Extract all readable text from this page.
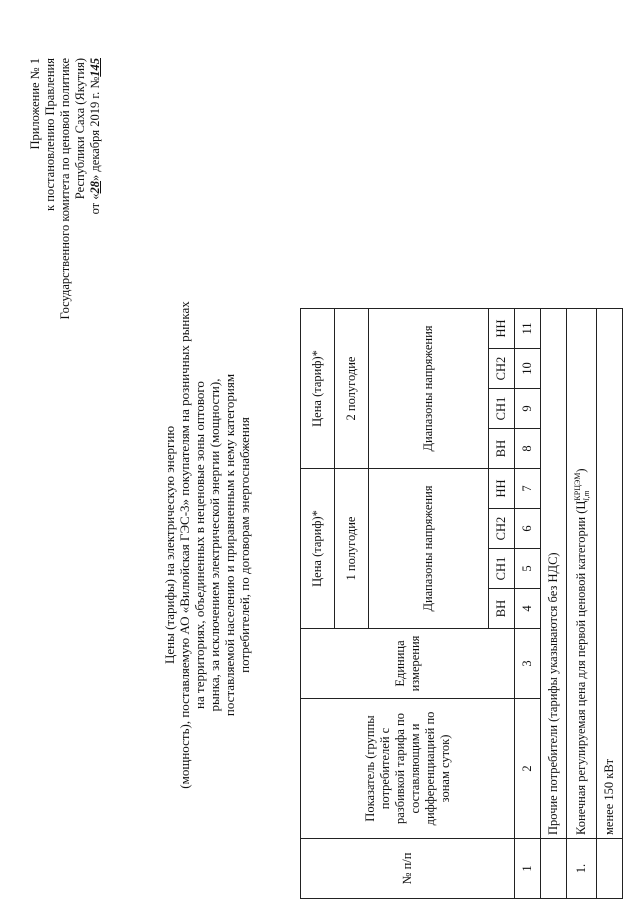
Приложение № 1 к постановлению Правления Государственного комитета по ценовой политике Республики Саха (Якутия)
от «28» декабря 2019 г. №145
Цены (тарифы) на электрическую энергию (мощность), поставляемую АО «Вилюйская ГЭС-3» покупателям на розничных рынках на территориях, объединенных в неценовые зоны оптового рынка, за исключением электрической энергии (мощности), поставляемой населению и приравненным к нему категориям потребителей, по договорам энергоснабжения
№ п/п	Показатель (группы потребителей с разбивкой тарифа по составляющим и дифференциацией по зонам суток)	Единица измерения	Цена (тариф)*				Цена (тариф)*			
			1 полугодие				2 полугодие			
			Диапазоны напряжения				Диапазоны напряжения			
			ВН	СН1	СН2	НН	ВН	СН1	СН2	НН
1	2	3	4	5	6	7	8	9	10	11
	Прочие потребители (тарифы указываются без НДС)									
1.	Конечная регулируемая цена для первой ценовой категории (Ц
КРЦЭМ l,m
)									
	менее 150 кВт									
